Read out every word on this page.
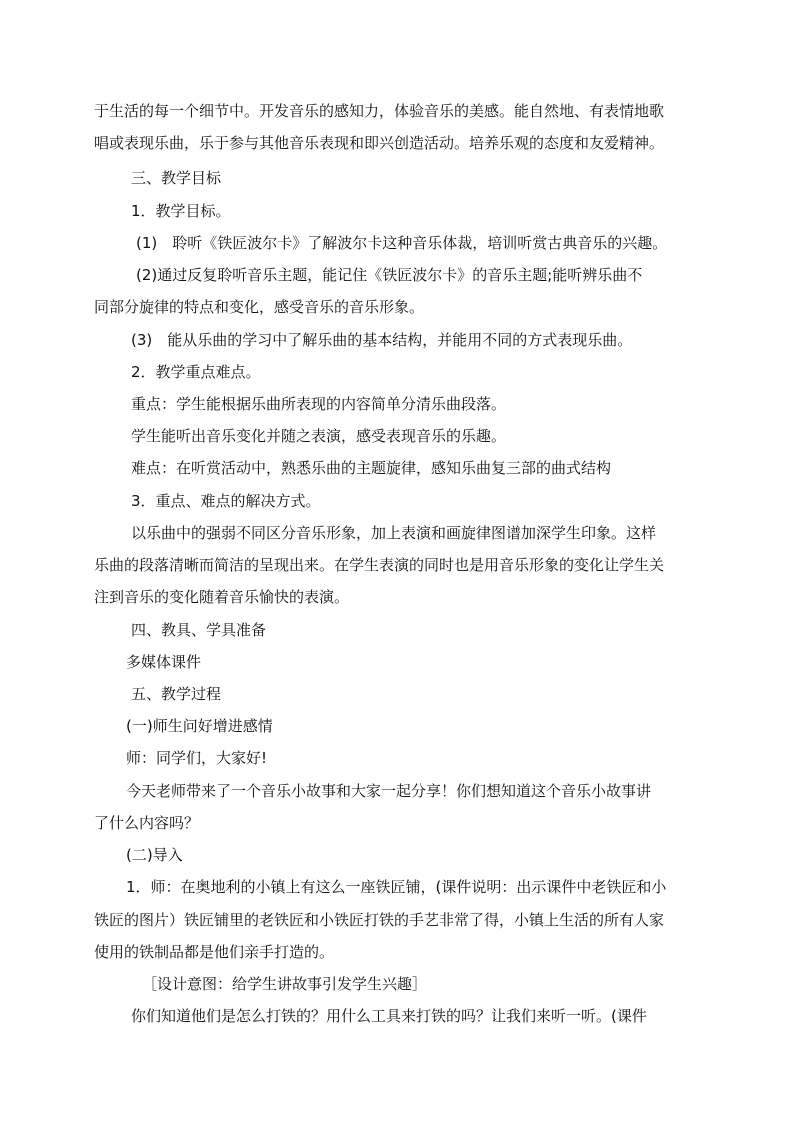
于生活的每一个细节中。开发音乐的感知力，体验音乐的美感。能自然地、有表情地歌
唱或表现乐曲，乐于参与其他音乐表现和即兴创造活动。培养乐观的态度和友爱精神。
三、教学目标
1．教学目标。
(1)　聆听《铁匠波尔卡》了解波尔卡这种音乐体裁，培训听赏古典音乐的兴趣。
(2)通过反复聆听音乐主题，能记住《铁匠波尔卡》的音乐主题;能听辨乐曲不
同部分旋律的特点和变化，感受音乐的音乐形象。
(3)　能从乐曲的学习中了解乐曲的基本结构，并能用不同的方式表现乐曲。
2．教学重点难点。
重点：学生能根据乐曲所表现的内容简单分清乐曲段落。
学生能听出音乐变化并随之表演，感受表现音乐的乐趣。
难点：在听赏活动中，熟悉乐曲的主题旋律，感知乐曲复三部的曲式结构
3．重点、难点的解决方式。
以乐曲中的强弱不同区分音乐形象，加上表演和画旋律图谱加深学生印象。这样
乐曲的段落清晰而简洁的呈现出来。在学生表演的同时也是用音乐形象的变化让学生关
注到音乐的变化随着音乐愉快的表演。
四、教具、学具准备
多媒体课件
五、教学过程
(一)师生问好增进感情
师：同学们，大家好!
今天老师带来了一个音乐小故事和大家一起分享！你们想知道这个音乐小故事讲
了什么内容吗？
(二)导入
1．师：在奥地利的小镇上有这么一座铁匠铺，(课件说明：出示课件中老铁匠和小
铁匠的图片）铁匠铺里的老铁匠和小铁匠打铁的手艺非常了得，小镇上生活的所有人家
使用的铁制品都是他们亲手打造的。
［设计意图：给学生讲故事引发学生兴趣］
你们知道他们是怎么打铁的？用什么工具来打铁的吗？让我们来听一听。(课件
